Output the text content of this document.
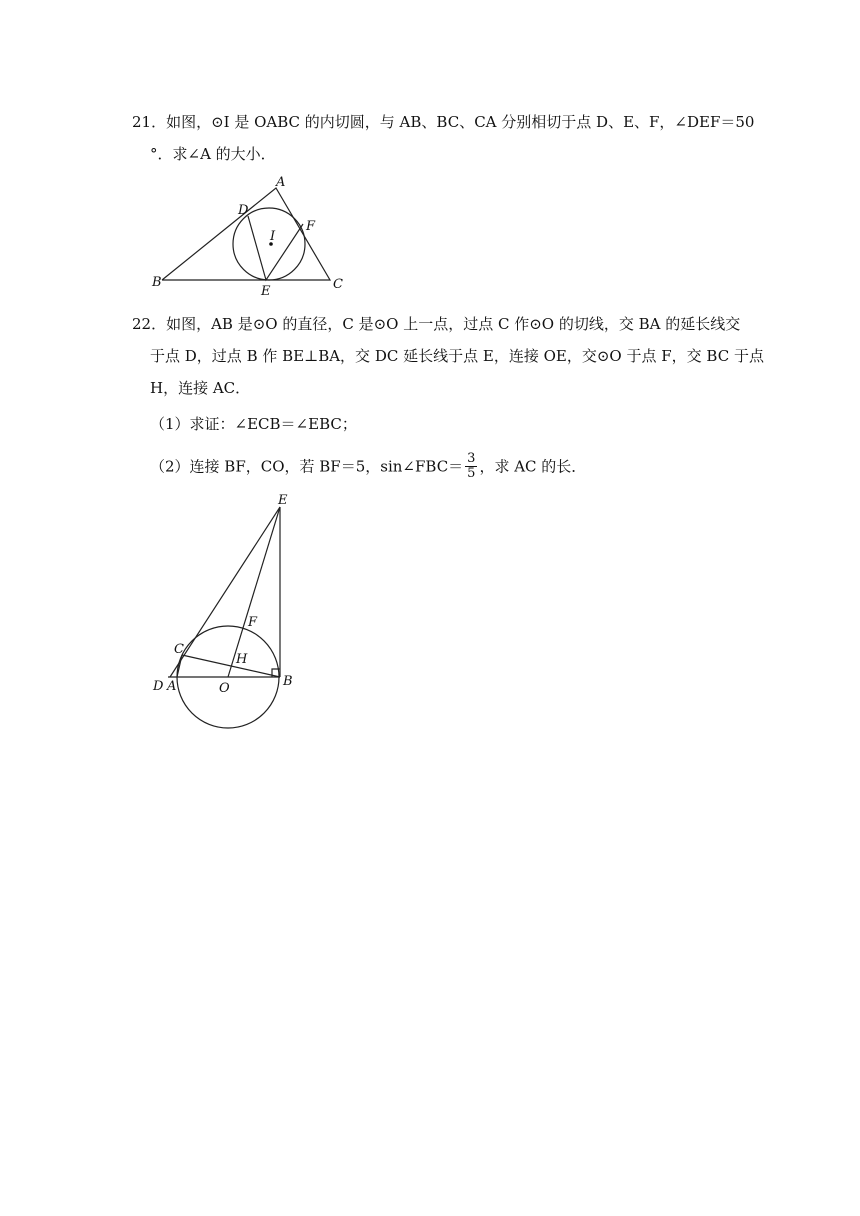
21．如图，⊙I 是 OABC 的内切圆，与 AB、BC、CA 分别相切于点 D、E、F，∠DEF＝50
°．求∠A 的大小．
A
B	C
D
E
F
I
22．如图，AB 是⊙O 的直径，C 是⊙O 上一点，过点 C 作⊙O 的切线，交 BA 的延长线交
于点 D，过点 B 作 BE⊥BA，交 DC 延长线于点 E，连接 OE，交⊙O 于点 F，交 BC 于点
H，连接 AC．
（1）求证：∠ECB＝∠EBC；
（2）连接 BF，CO，若 BF＝5，sin∠FBC＝ $\frac{3}{5}$ ，求 AC 的长．
E
F
C
H
D A	O	B
